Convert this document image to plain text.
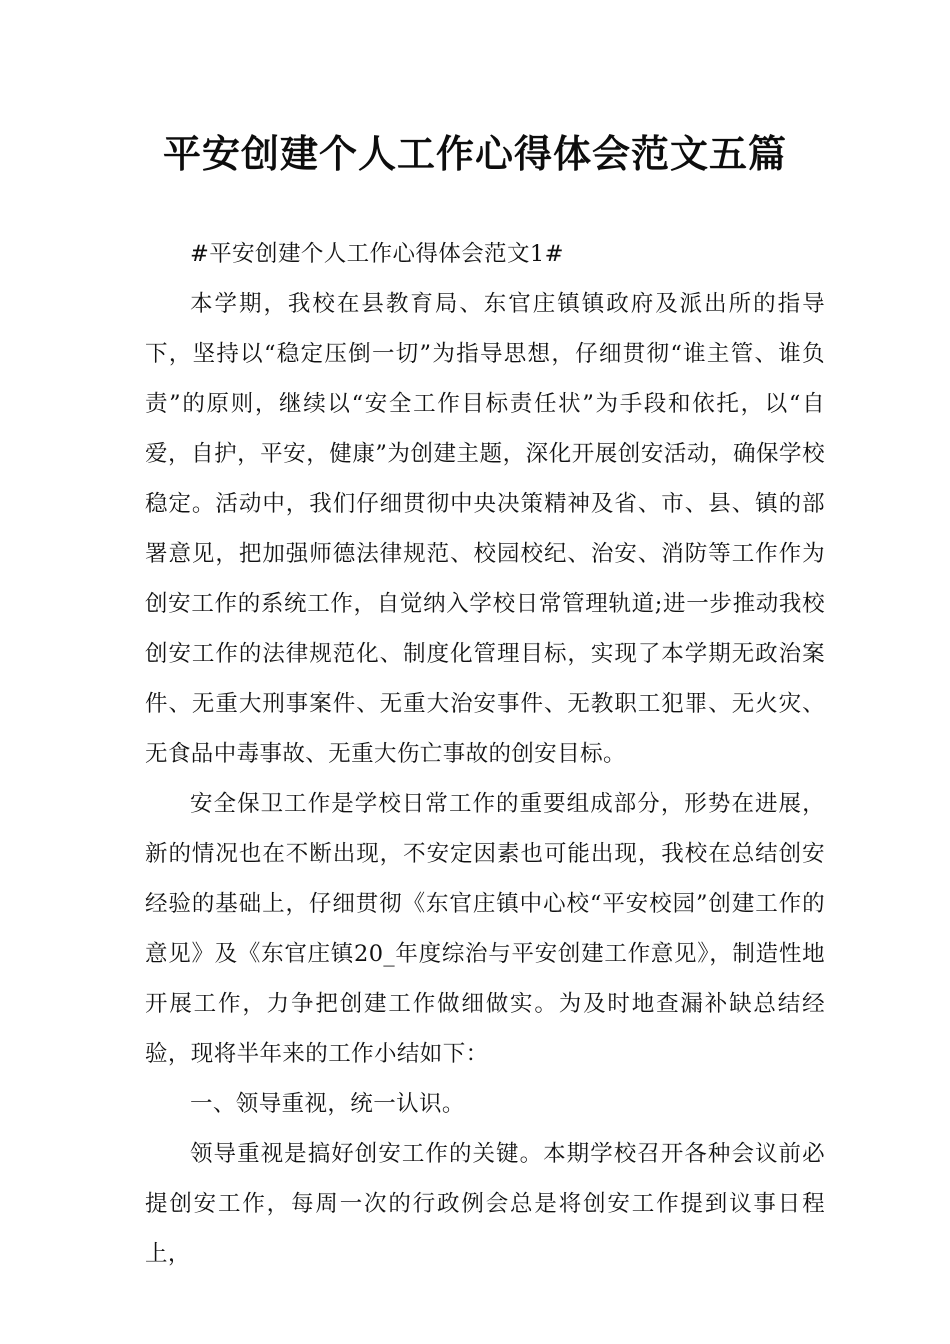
平安创建个人工作心得体会范文五篇

#平安创建个人工作心得体会范文1#

本学期，我校在县教育局、东官庄镇镇政府及派出所的指导下，坚持以“稳定压倒一切”为指导思想，仔细贯彻“谁主管、谁负责”的原则，继续以“安全工作目标责任状”为手段和依托，以“自爱，自护，平安，健康”为创建主题，深化开展创安活动，确保学校稳定。活动中，我们仔细贯彻中央决策精神及省、市、县、镇的部署意见，把加强师德法律规范、校园校纪、治安、消防等工作作为创安工作的系统工作，自觉纳入学校日常管理轨道;进一步推动我校创安工作的法律规范化、制度化管理目标，实现了本学期无政治案件、无重大刑事案件、无重大治安事件、无教职工犯罪、无火灾、无食品中毒事故、无重大伤亡事故的创安目标。

安全保卫工作是学校日常工作的重要组成部分，形势在进展，新的情况也在不断出现，不安定因素也可能出现，我校在总结创安经验的基础上，仔细贯彻《东官庄镇中心校“平安校园”创建工作的意见》及《东官庄镇20_年度综治与平安创建工作意见》，制造性地开展工作，力争把创建工作做细做实。为及时地查漏补缺总结经验，现将半年来的工作小结如下：

一、领导重视，统一认识。

领导重视是搞好创安工作的关键。本期学校召开各种会议前必提创安工作，每周一次的行政例会总是将创安工作提到议事日程上，
